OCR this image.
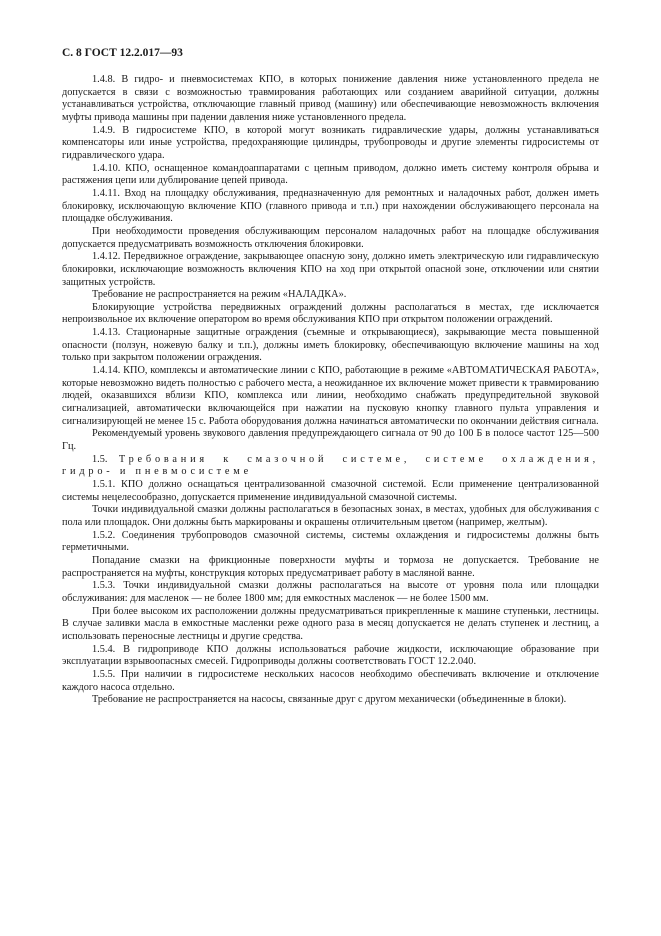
С. 8 ГОСТ 12.2.017—93

1.4.8. В гидро- и пневмосистемах КПО, в которых понижение давления ниже установленного предела не допускается в связи с возможностью травмирования работающих или созданием аварийной ситуации, должны устанавливаться устройства, отключающие главный привод (машину) или обеспечивающие невозможность включения муфты привода машины при падении давления ниже установленного предела.

1.4.9. В гидросистеме КПО, в которой могут возникать гидравлические удары, должны устанавливаться компенсаторы или иные устройства, предохраняющие цилиндры, трубопроводы и другие элементы гидросистемы от гидравлического удара.

1.4.10. КПО, оснащенное командоаппаратами с цепным приводом, должно иметь систему контроля обрыва и растяжения цепи или дублирование цепей привода.

1.4.11. Вход на площадку обслуживания, предназначенную для ремонтных и наладочных работ, должен иметь блокировку, исключающую включение КПО (главного привода и т.п.) при нахождении обслуживающего персонала на площадке обслуживания.

При необходимости проведения обслуживающим персоналом наладочных работ на площадке обслуживания допускается предусматривать возможность отключения блокировки.

1.4.12. Передвижное ограждение, закрывающее опасную зону, должно иметь электрическую или гидравлическую блокировки, исключающие возможность включения КПО на ход при открытой опасной зоне, отключении или снятии защитных устройств.

Требование не распространяется на режим «НАЛАДКА».

Блокирующие устройства передвижных ограждений должны располагаться в местах, где исключается непроизвольное их включение оператором во время обслуживания КПО при открытом положении ограждений.

1.4.13. Стационарные защитные ограждения (съемные и открывающиеся), закрывающие места повышенной опасности (ползун, ножевую балку и т.п.), должны иметь блокировку, обеспечивающую включение машины на ход только при закрытом положении ограждения.

1.4.14. КПО, комплексы и автоматические линии с КПО, работающие в режиме «АВТОМАТИЧЕСКАЯ РАБОТА», которые невозможно видеть полностью с рабочего места, а неожиданное их включение может привести к травмированию людей, оказавшихся вблизи КПО, комплекса или линии, необходимо снабжать предупредительной звуковой сигнализацией, автоматически включающейся при нажатии на пусковую кнопку главного пульта управления и сигнализирующей не менее 15 с. Работа оборудования должна начинаться автоматически по окончании действия сигнала.

Рекомендуемый уровень звукового давления предупреждающего сигнала от 90 до 100 Б в полосе частот 125—500 Гц.

1.5. Требования к смазочной системе, системе охлаждения, гидро- и пневмосистеме

1.5.1. КПО должно оснащаться централизованной смазочной системой. Если применение централизованной системы нецелесообразно, допускается применение индивидуальной смазочной системы.

Точки индивидуальной смазки должны располагаться в безопасных зонах, в местах, удобных для обслуживания с пола или площадок. Они должны быть маркированы и окрашены отличительным цветом (например, желтым).

1.5.2. Соединения трубопроводов смазочной системы, системы охлаждения и гидросистемы должны быть герметичными.

Попадание смазки на фрикционные поверхности муфты и тормоза не допускается. Требование не распространяется на муфты, конструкция которых предусматривает работу в масляной ванне.

1.5.3. Точки индивидуальной смазки должны располагаться на высоте от уровня пола или площадки обслуживания: для масленок — не более 1800 мм; для емкостных масленок — не более 1500 мм.

При более высоком их расположении должны предусматриваться прикрепленные к машине ступеньки, лестницы. В случае заливки масла в емкостные масленки реже одного раза в месяц допускается не делать ступенек и лестниц, а использовать переносные лестницы и другие средства.

1.5.4. В гидроприводе КПО должны использоваться рабочие жидкости, исключающие образование при эксплуатации взрывоопасных смесей. Гидроприводы должны соответствовать ГОСТ 12.2.040.

1.5.5. При наличии в гидросистеме нескольких насосов необходимо обеспечивать включение и отключение каждого насоса отдельно.

Требование не распространяется на насосы, связанные друг с другом механически (объединенные в блоки).
